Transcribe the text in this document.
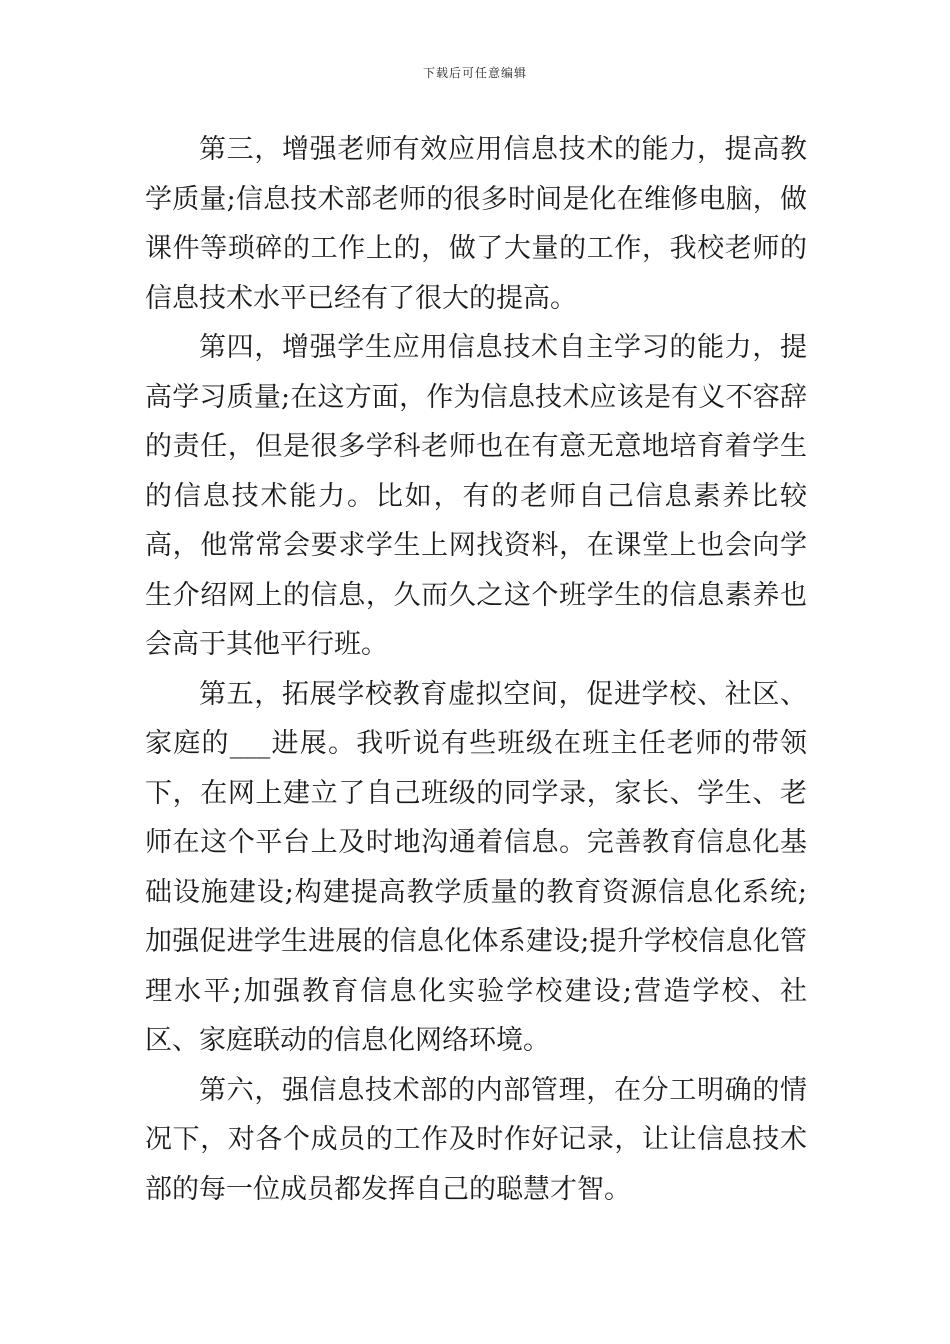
下载后可任意编辑

第三，增强老师有效应用信息技术的能力，提高教学质量;信息技术部老师的很多时间是化在维修电脑，做课件等琐碎的工作上的，做了大量的工作，我校老师的信息技术水平已经有了很大的提高。

第四，增强学生应用信息技术自主学习的能力，提高学习质量;在这方面，作为信息技术应该是有义不容辞的责任，但是很多学科老师也在有意无意地培育着学生的信息技术能力。比如，有的老师自己信息素养比较高，他常常会要求学生上网找资料，在课堂上也会向学生介绍网上的信息，久而久之这个班学生的信息素养也会高于其他平行班。

第五，拓展学校教育虚拟空间，促进学校、社区、家庭的___进展。我听说有些班级在班主任老师的带领下，在网上建立了自己班级的同学录，家长、学生、老师在这个平台上及时地沟通着信息。完善教育信息化基础设施建设;构建提高教学质量的教育资源信息化系统;加强促进学生进展的信息化体系建设;提升学校信息化管理水平;加强教育信息化实验学校建设;营造学校、社区、家庭联动的信息化网络环境。

第六，强信息技术部的内部管理，在分工明确的情况下，对各个成员的工作及时作好记录，让让信息技术部的每一位成员都发挥自己的聪慧才智。
